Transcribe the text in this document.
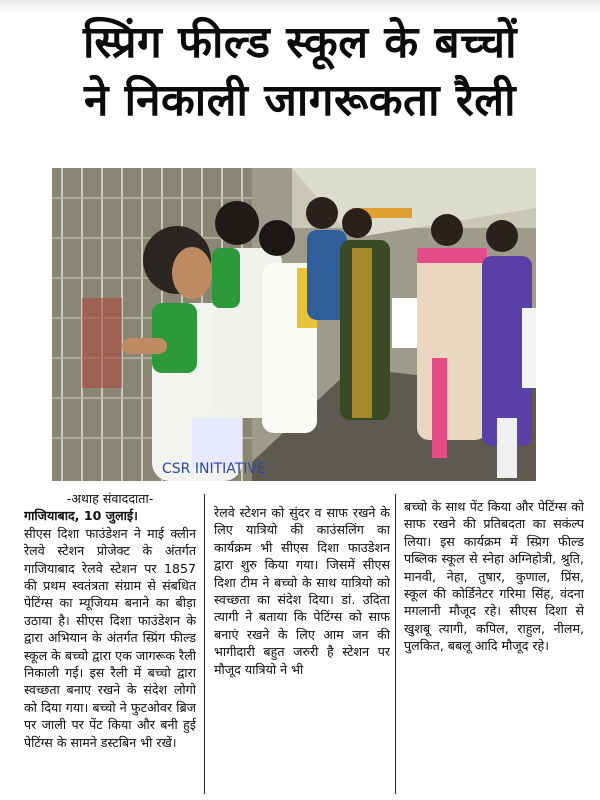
स्प्रिंग फील्ड स्कूल के बच्चों
ने निकाली जागरूकता रैली
CSR INITIATIVE
-अथाह संवाददाता-
गाजियाबाद, 10 जुलाई।

सीएस दिशा फाउंडेशन ने माई क्लीन रेलवे स्टेशन प्रोजेक्ट के अंतर्गत गाजियाबाद रेलवे स्टेशन पर 1857 की प्रथम स्वतंत्रता संग्राम से संबधित पेटिंग्स का म्यूजियम बनाने का बीड़ा उठाया है। सीएस दिशा फाउंडेशन के द्वारा अभियान के अंतर्गत स्प्रिंग फील्ड स्कूल के बच्चो द्वारा एक जागरूक रैली निकाली गई। इस रैली में बच्चो द्वारा स्वच्छता बनाए रखने के संदेश लोगो को दिया गया। बच्चो ने फुटओवर ब्रिज पर जाली पर पेंट किया और बनी हुई पेटिंग्स के सामने डस्टबिन भी रखें।

रेलवे स्टेशन को सुंदर व साफ रखने के लिए यात्रियो की काउंसलिंग का कार्यक्रम भी सीएस दिशा फाउडेशन द्वारा शुरु किया गया। जिसमें सीएस दिशा टीम ने बच्चो के साथ यात्रियो को स्वच्छता का संदेश दिया। डां. उदिता त्यागी ने बताया कि पेटिंग्स को साफ बनाएं रखने के लिए आम जन की भागीदारी बहुत जरुरी है स्टेशन पर मौजूद यात्रियो ने भी

बच्चो के साथ पेंट किया और पेटिंग्स को साफ रखने की प्रतिबदता का सकंल्प लिया। इस कार्यक्रम में स्प्रिग फील्ड पब्लिक स्कूल से स्नेहा अग्निहोत्री, श्रुति, मानवी, नेहा, तुषार, कुणाल, प्रिंस, स्कूल की कोर्डिनेटर गरिमा सिंह, वंदना मगलानी मौजूद रहे। सीएस दिशा से खुशबू त्यागी, कपिल, राहुल, नीलम, पुलकित, बबलू आदि मौजूद रहे।
